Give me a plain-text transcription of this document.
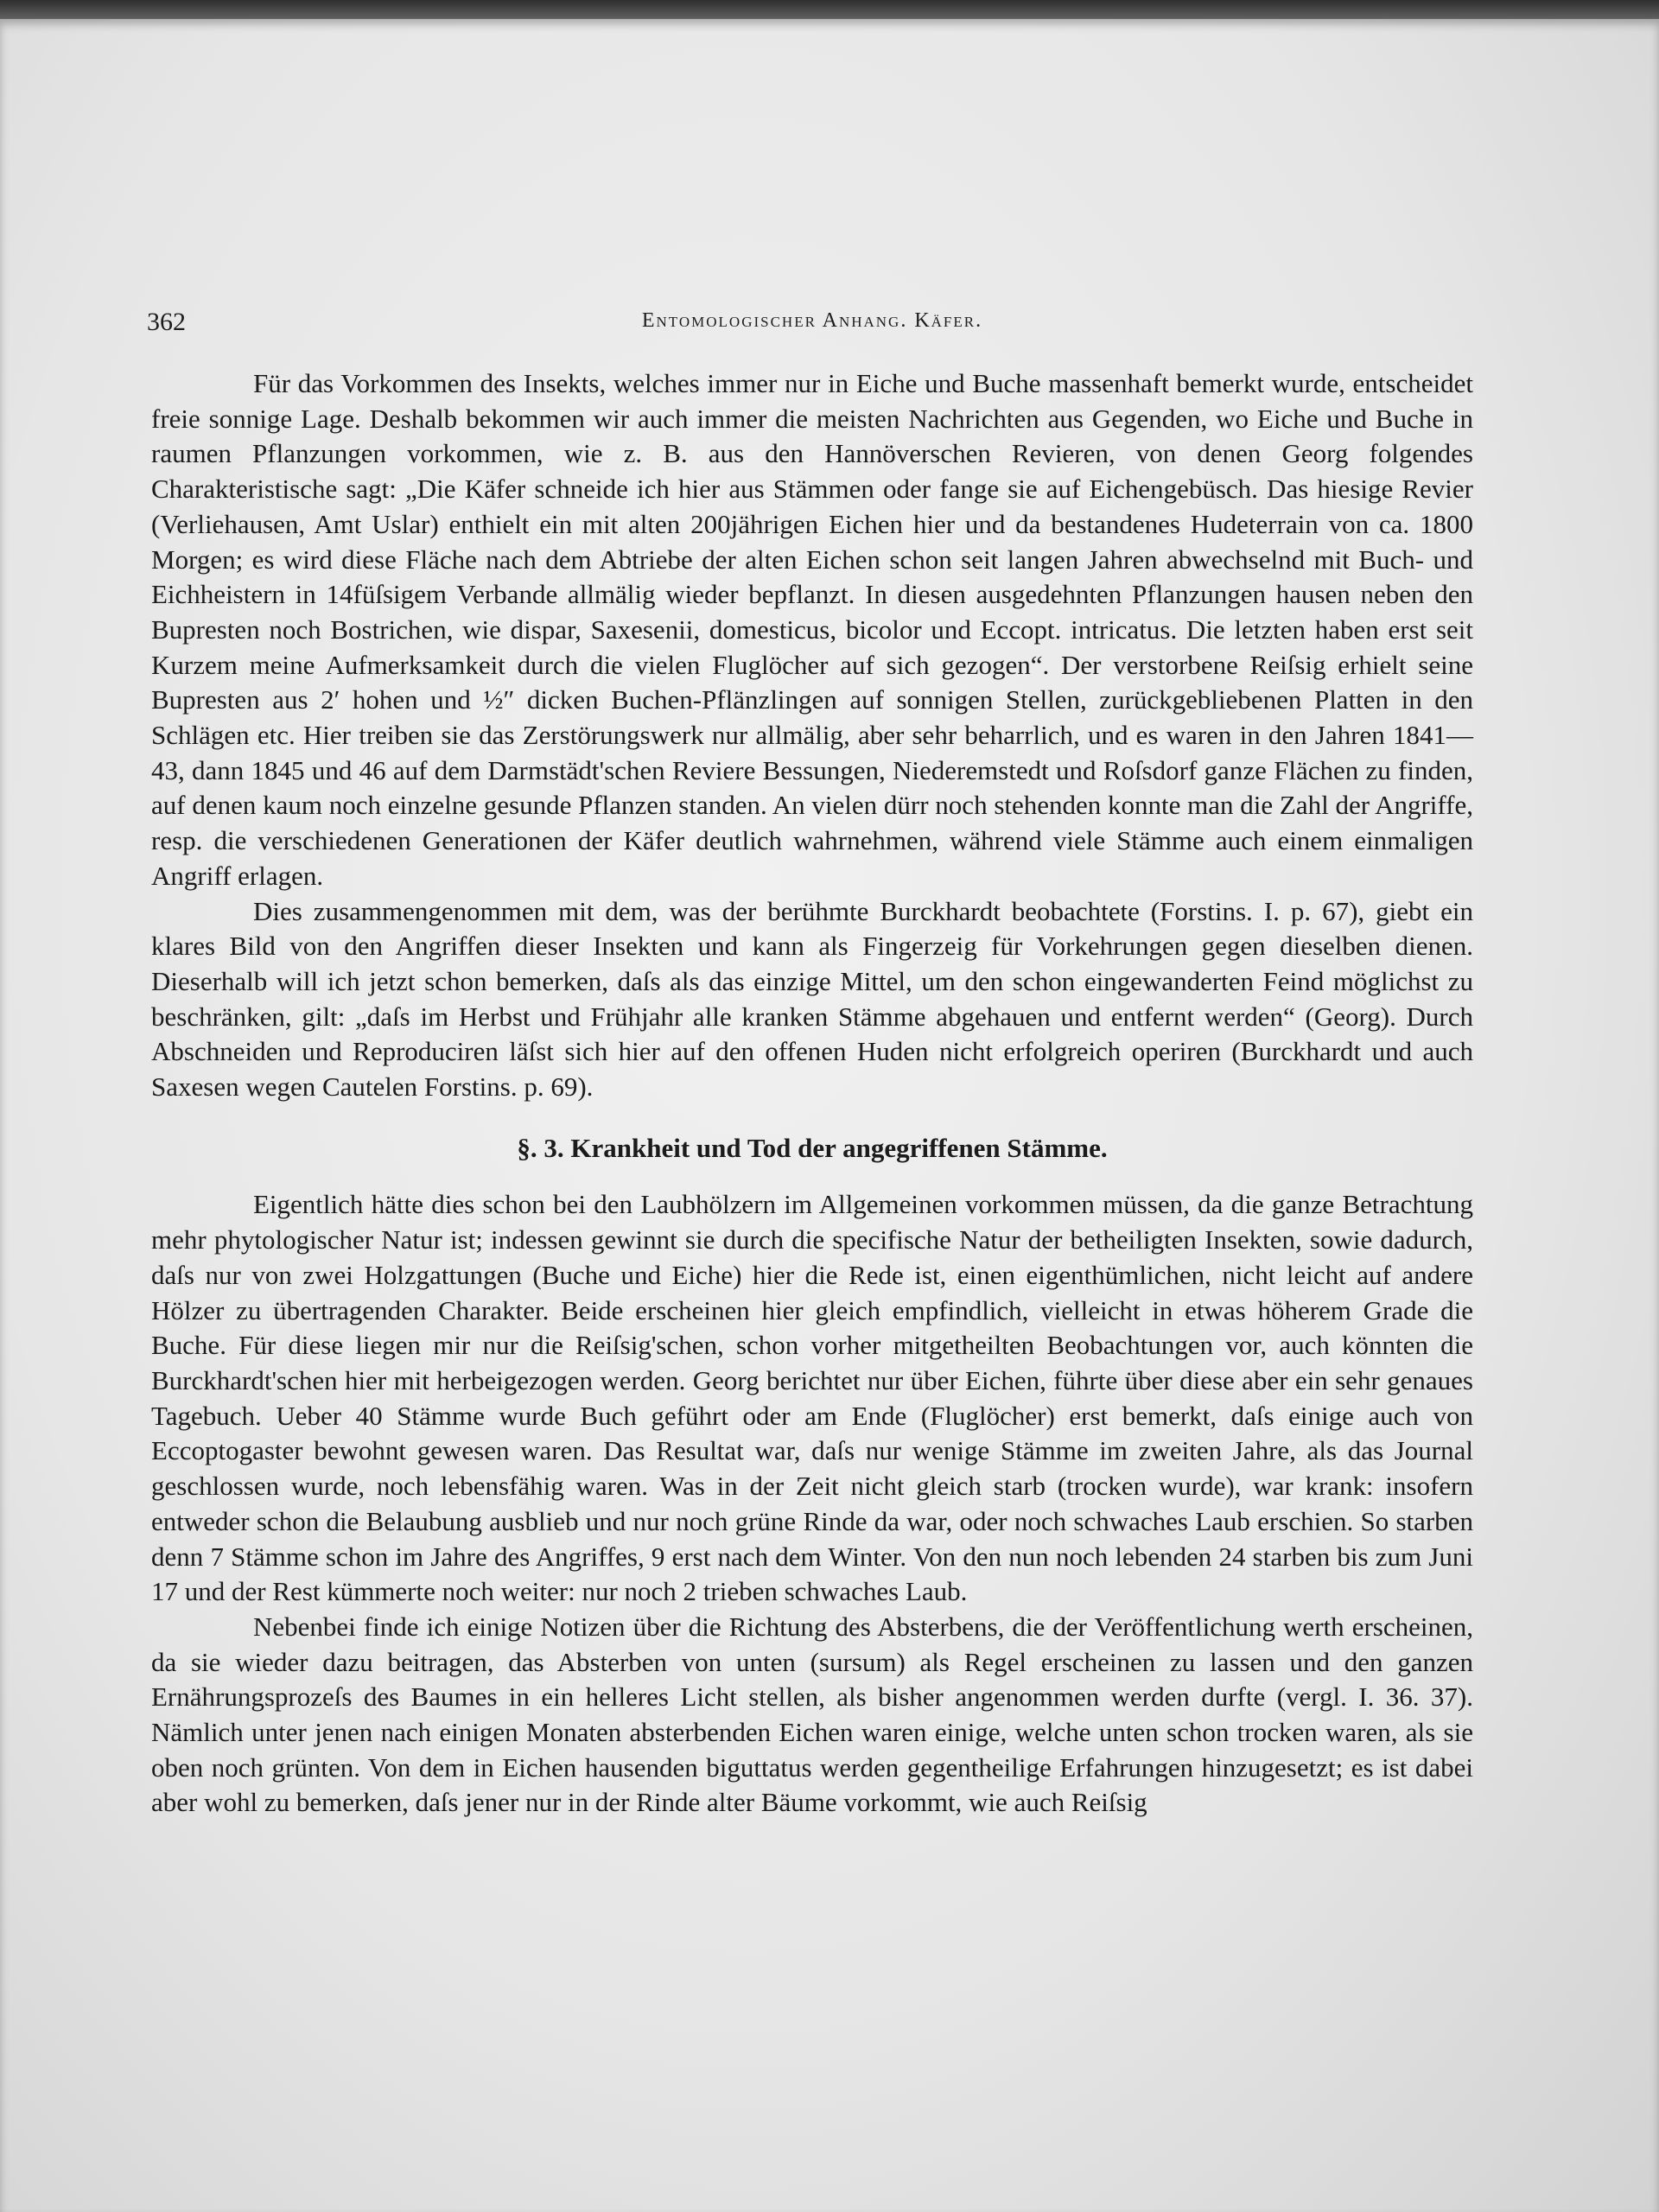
362	Entomologischer Anhang. Käfer.

Für das Vorkommen des Insekts, welches immer nur in Eiche und Buche massenhaft bemerkt wurde, entscheidet freie sonnige Lage. Deshalb bekommen wir auch immer die meisten Nachrichten aus Gegenden, wo Eiche und Buche in raumen Pflanzungen vorkommen, wie z. B. aus den Hannöverschen Revieren, von denen Georg folgendes Charakteristische sagt: „Die Käfer schneide ich hier aus Stämmen oder fange sie auf Eichengebüsch. Das hiesige Revier (Verliehausen, Amt Uslar) enthielt ein mit alten 200jährigen Eichen hier und da bestandenes Hudeterrain von ca. 1800 Morgen; es wird diese Fläche nach dem Abtriebe der alten Eichen schon seit langen Jahren abwechselnd mit Buch- und Eichheistern in 14füſsigem Verbande allmälig wieder bepflanzt. In diesen ausgedehnten Pflanzungen hausen neben den Bupresten noch Bostrichen, wie dispar, Saxesenii, domesticus, bicolor und Eccopt. intricatus. Die letzten haben erst seit Kurzem meine Aufmerksamkeit durch die vielen Fluglöcher auf sich gezogen“. Der verstorbene Reiſsig erhielt seine Bupresten aus 2′ hohen und ½″ dicken Buchen-Pflänzlingen auf sonnigen Stellen, zurückgebliebenen Platten in den Schlägen etc. Hier treiben sie das Zerstörungswerk nur allmälig, aber sehr beharrlich, und es waren in den Jahren 1841—43, dann 1845 und 46 auf dem Darmstädt'schen Reviere Bessungen, Niederemstedt und Roſsdorf ganze Flächen zu finden, auf denen kaum noch einzelne gesunde Pflanzen standen. An vielen dürr noch stehenden konnte man die Zahl der Angriffe, resp. die verschiedenen Generationen der Käfer deutlich wahrnehmen, während viele Stämme auch einem einmaligen Angriff erlagen.

Dies zusammengenommen mit dem, was der berühmte Burckhardt beobachtete (Forstins. I. p. 67), giebt ein klares Bild von den Angriffen dieser Insekten und kann als Fingerzeig für Vorkehrungen gegen dieselben dienen. Dieserhalb will ich jetzt schon bemerken, daſs als das einzige Mittel, um den schon eingewanderten Feind möglichst zu beschränken, gilt: „daſs im Herbst und Frühjahr alle kranken Stämme abgehauen und entfernt werden“ (Georg). Durch Abschneiden und Reproduciren läſst sich hier auf den offenen Huden nicht erfolgreich operiren (Burckhardt und auch Saxesen wegen Cautelen Forstins. p. 69).

§. 3. Krankheit und Tod der angegriffenen Stämme.

Eigentlich hätte dies schon bei den Laubhölzern im Allgemeinen vorkommen müssen, da die ganze Betrachtung mehr phytologischer Natur ist; indessen gewinnt sie durch die specifische Natur der betheiligten Insekten, sowie dadurch, daſs nur von zwei Holzgattungen (Buche und Eiche) hier die Rede ist, einen eigenthümlichen, nicht leicht auf andere Hölzer zu übertragenden Charakter. Beide erscheinen hier gleich empfindlich, vielleicht in etwas höherem Grade die Buche. Für diese liegen mir nur die Reiſsig'schen, schon vorher mitgetheilten Beobachtungen vor, auch könnten die Burckhardt'schen hier mit herbeigezogen werden. Georg berichtet nur über Eichen, führte über diese aber ein sehr genaues Tagebuch. Ueber 40 Stämme wurde Buch geführt oder am Ende (Fluglöcher) erst bemerkt, daſs einige auch von Eccoptogaster bewohnt gewesen waren. Das Resultat war, daſs nur wenige Stämme im zweiten Jahre, als das Journal geschlossen wurde, noch lebensfähig waren. Was in der Zeit nicht gleich starb (trocken wurde), war krank: insofern entweder schon die Belaubung ausblieb und nur noch grüne Rinde da war, oder noch schwaches Laub erschien. So starben denn 7 Stämme schon im Jahre des Angriffes, 9 erst nach dem Winter. Von den nun noch lebenden 24 starben bis zum Juni 17 und der Rest kümmerte noch weiter: nur noch 2 trieben schwaches Laub.

Nebenbei finde ich einige Notizen über die Richtung des Absterbens, die der Veröffentlichung werth erscheinen, da sie wieder dazu beitragen, das Absterben von unten (sursum) als Regel erscheinen zu lassen und den ganzen Ernährungsprozeſs des Baumes in ein helleres Licht stellen, als bisher angenommen werden durfte (vergl. I. 36. 37). Nämlich unter jenen nach einigen Monaten absterbenden Eichen waren einige, welche unten schon trocken waren, als sie oben noch grünten. Von dem in Eichen hausenden biguttatus werden gegentheilige Erfahrungen hinzugesetzt; es ist dabei aber wohl zu bemerken, daſs jener nur in der Rinde alter Bäume vorkommt, wie auch Reiſsig
